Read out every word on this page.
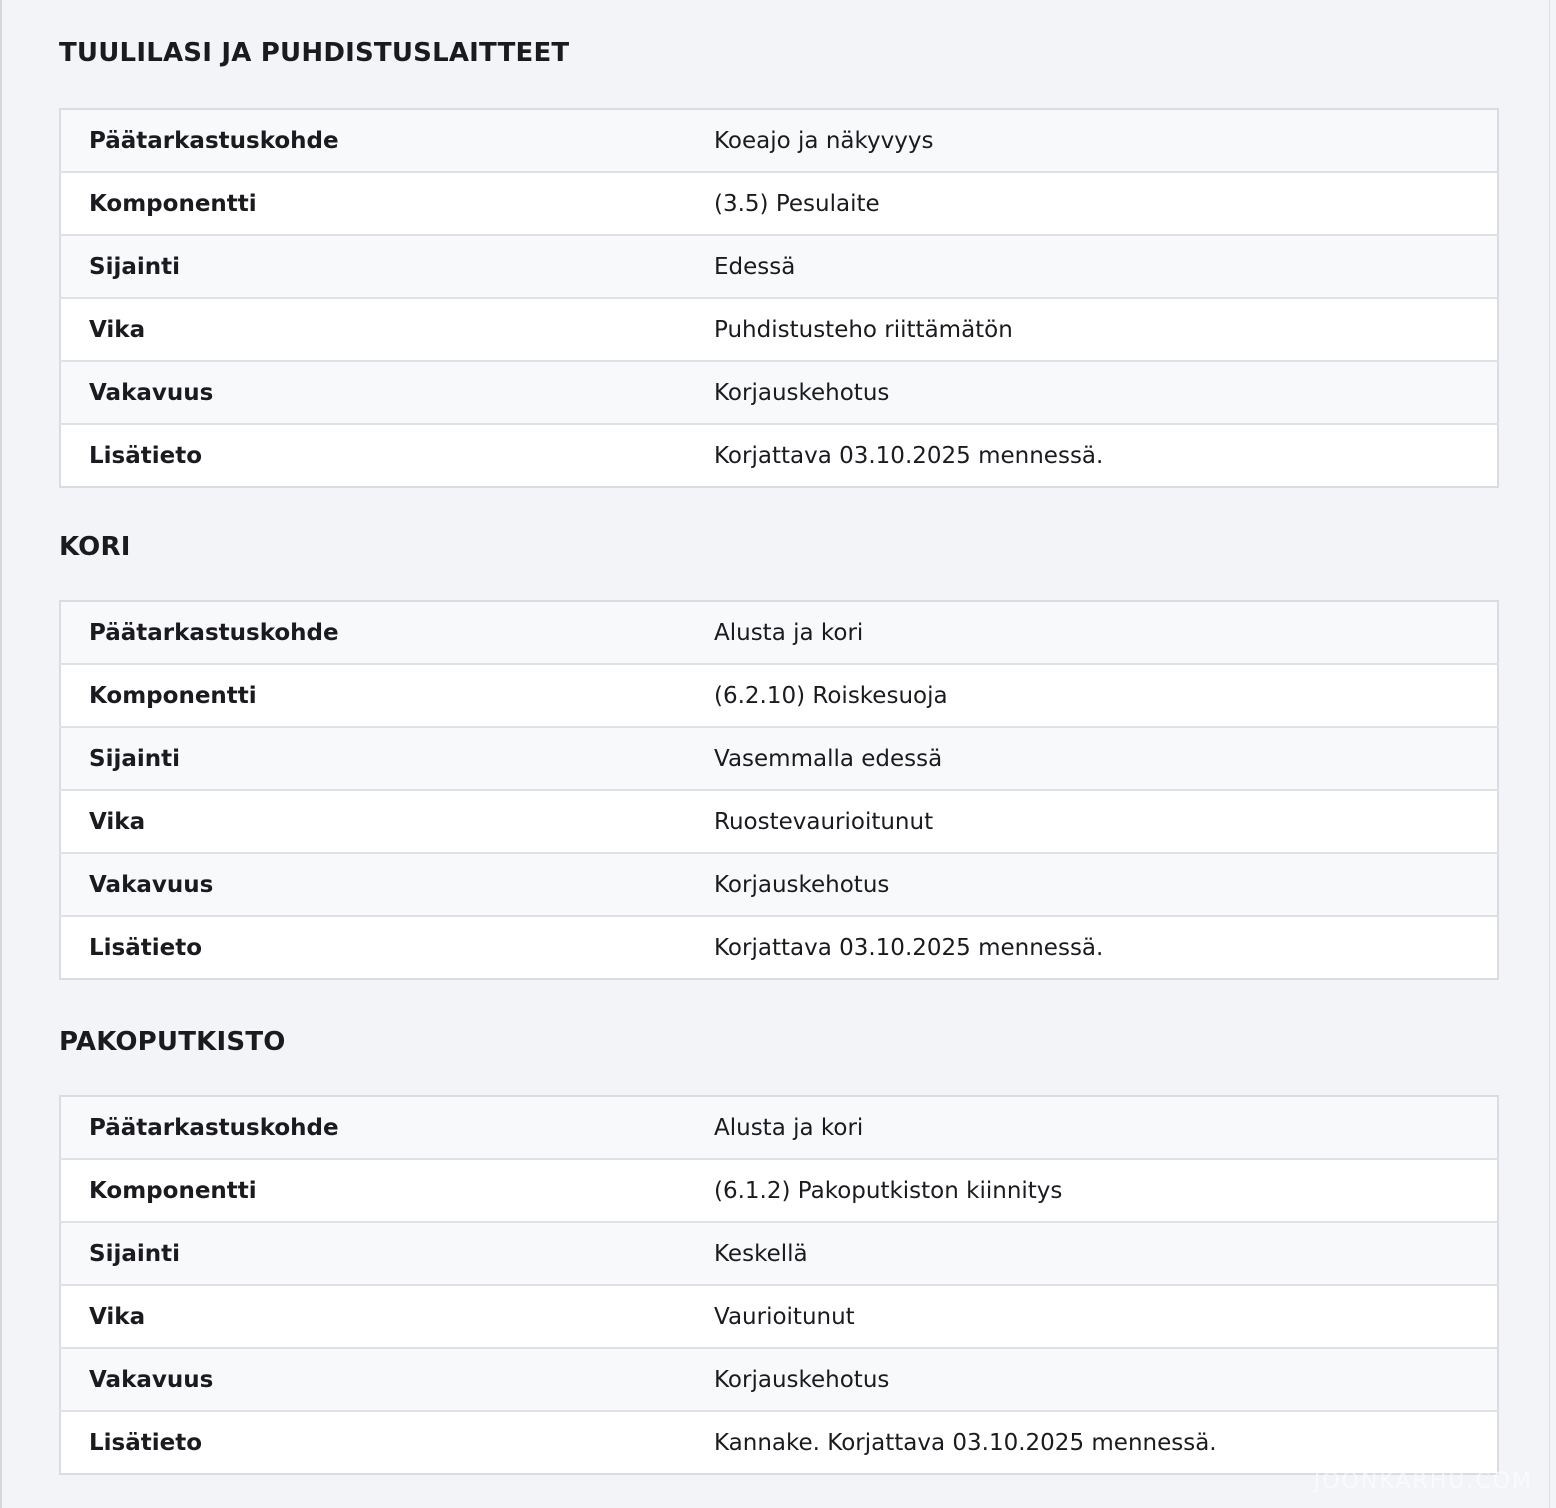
TUULILASI JA PUHDISTUSLAITTEET
Päätarkastuskohde	Koeajo ja näkyvyys
Komponentti	(3.5) Pesulaite
Sijainti	Edessä
Vika	Puhdistusteho riittämätön
Vakavuus	Korjauskehotus
Lisätieto	Korjattava 03.10.2025 mennessä.
KORI
Päätarkastuskohde	Alusta ja kori
Komponentti	(6.2.10) Roiskesuoja
Sijainti	Vasemmalla edessä
Vika	Ruostevaurioitunut
Vakavuus	Korjauskehotus
Lisätieto	Korjattava 03.10.2025 mennessä.
PAKOPUTKISTO
Päätarkastuskohde	Alusta ja kori
Komponentti	(6.1.2) Pakoputkiston kiinnitys
Sijainti	Keskellä
Vika	Vaurioitunut
Vakavuus	Korjauskehotus
Lisätieto	Kannake. Korjattava 03.10.2025 mennessä.
JOONKARHU.COM
